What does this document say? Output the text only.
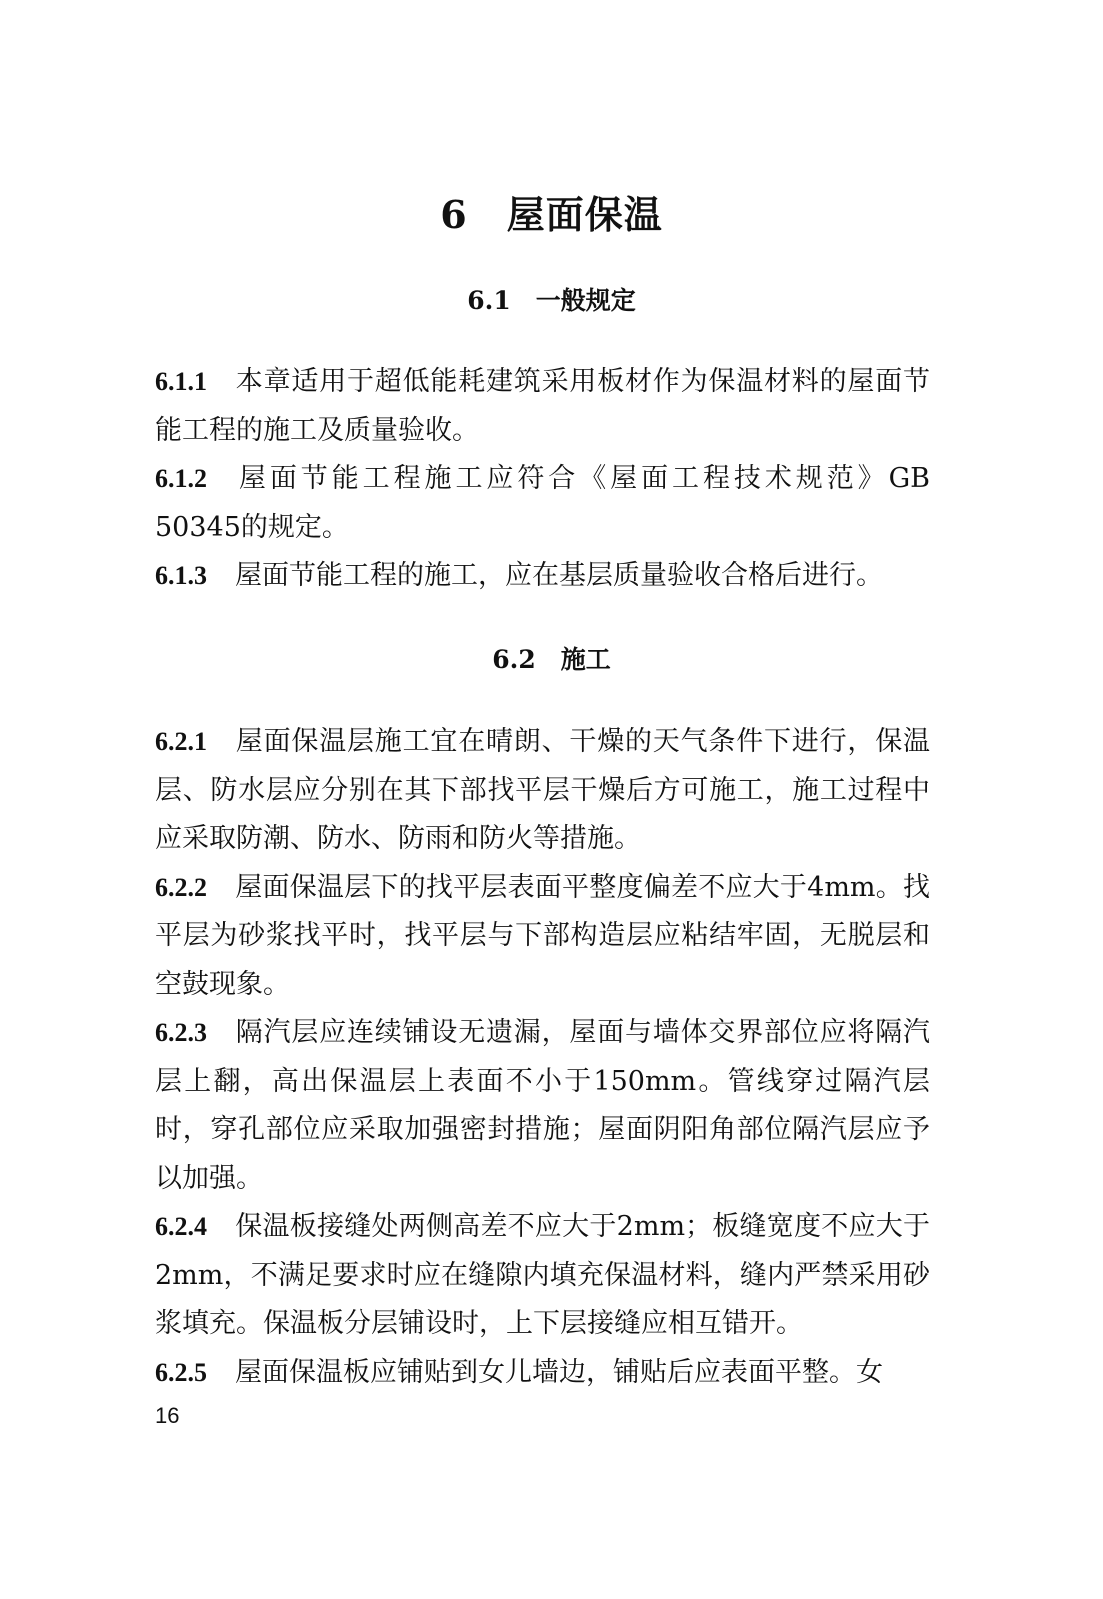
6　屋面保温
6.1　一般规定

6.1.1 本章适用于超低能耗建筑采用板材作为保温材料的屋面节能工程的施工及质量验收。

6.1.2 屋面节能工程施工应符合《屋面工程技术规范》GB 50345的规定。

6.1.3 屋面节能工程的施工，应在基层质量验收合格后进行。

6.2　施工

6.2.1 屋面保温层施工宜在晴朗、干燥的天气条件下进行，保温层、防水层应分别在其下部找平层干燥后方可施工，施工过程中应采取防潮、防水、防雨和防火等措施。

6.2.2 屋面保温层下的找平层表面平整度偏差不应大于4mm。找平层为砂浆找平时，找平层与下部构造层应粘结牢固，无脱层和空鼓现象。

6.2.3 隔汽层应连续铺设无遗漏，屋面与墙体交界部位应将隔汽层上翻，高出保温层上表面不小于150mm。管线穿过隔汽层时，穿孔部位应采取加强密封措施；屋面阴阳角部位隔汽层应予以加强。

6.2.4 保温板接缝处两侧高差不应大于2mm；板缝宽度不应大于2mm，不满足要求时应在缝隙内填充保温材料，缝内严禁采用砂浆填充。保温板分层铺设时，上下层接缝应相互错开。

6.2.5 屋面保温板应铺贴到女儿墙边，铺贴后应表面平整。女

16
